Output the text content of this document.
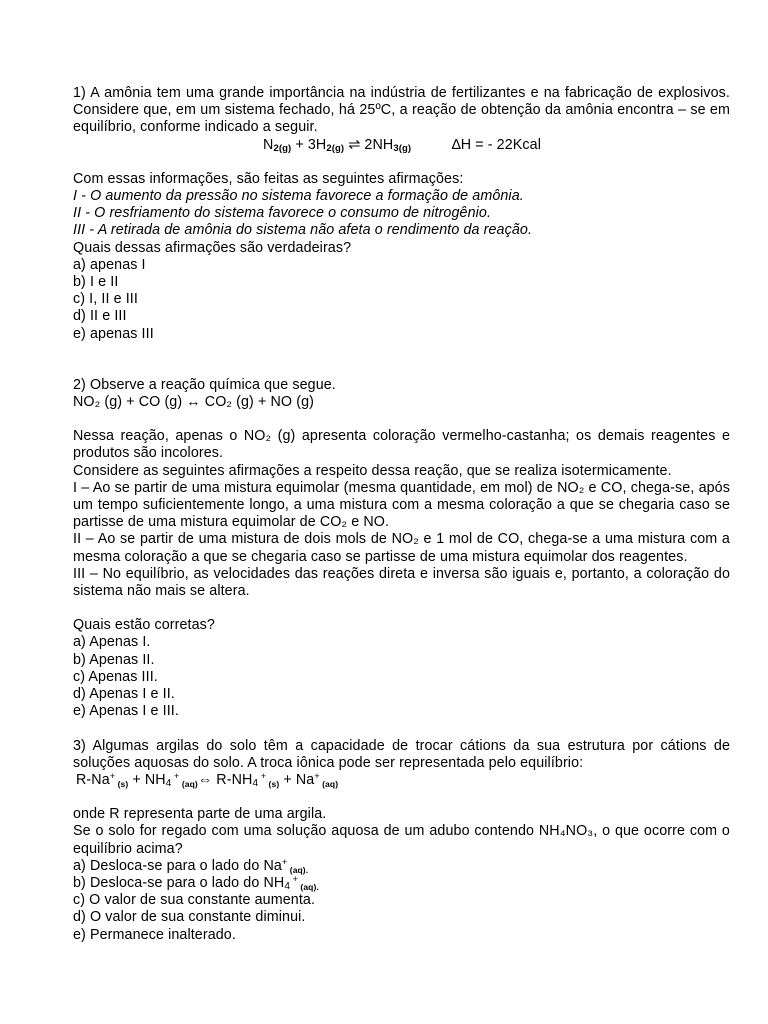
1) A amônia tem uma grande importância na indústria de fertilizantes e na fabricação de explosivos. Considere que, em um sistema fechado, há 25ºC, a reação de obtenção da amônia encontra – se em equilíbrio, conforme indicado a seguir.

$N_{2(g)} + 3H_{2(g)}$ ⇌ $2NH_{3(g)}$	∆H = - 22Kcal

Com essas informações, são feitas as seguintes afirmações:

I - O aumento da pressão no sistema favorece a formação de amônia.

II - O resfriamento do sistema favorece o consumo de nitrogênio.

III - A retirada de amônia do sistema não afeta o rendimento da reação.

Quais dessas afirmações são verdadeiras?

a) apenas I

b) I e II

c) I, II e III

d) II e III

e) apenas III

2) Observe a reação química que segue.

NO₂ (g) + CO (g) ↔ CO₂ (g) + NO (g)

Nessa reação, apenas o NO₂ (g) apresenta coloração vermelho-castanha; os demais reagentes e produtos são incolores.

Considere as seguintes afirmações a respeito dessa reação, que se realiza isotermicamente.

I – Ao se partir de uma mistura equimolar (mesma quantidade, em mol) de NO₂ e CO, chega-se, após um tempo suficientemente longo, a uma mistura com a mesma coloração a que se chegaria caso se partisse de uma mistura equimolar de CO₂ e NO.

II – Ao se partir de uma mistura de dois mols de NO₂ e 1 mol de CO, chega-se a uma mistura com a mesma coloração a que se chegaria caso se partisse de uma mistura equimolar dos reagentes.

III – No equilíbrio, as velocidades das reações direta e inversa são iguais e, portanto, a coloração do sistema não mais se altera.

Quais estão corretas?

a) Apenas I.

b) Apenas II.

c) Apenas III.

d) Apenas I e II.

e) Apenas I e III.

3) Algumas argilas do solo têm a capacidade de trocar cátions da sua estrutura por cátions de soluções aquosas do solo. A troca iônica pode ser representada pelo equilíbrio:

R-Na+ $_{(s)} + NH_4$ + $_{(aq)}$⇔ $R-NH_4$ + $_{(s)}$ + Na+ $_{(aq)}$

onde R representa parte de uma argila.

Se o solo for regado com uma solução aquosa de um adubo contendo NH₄NO₃, o que ocorre com o equilíbrio acima?

a) Desloca-se para o lado do Na+ $_{(aq).}$

b) Desloca-se para o lado do $NH_4$ + $_{(aq).}$

c) O valor de sua constante aumenta.

d) O valor de sua constante diminui.

e) Permanece inalterado.
